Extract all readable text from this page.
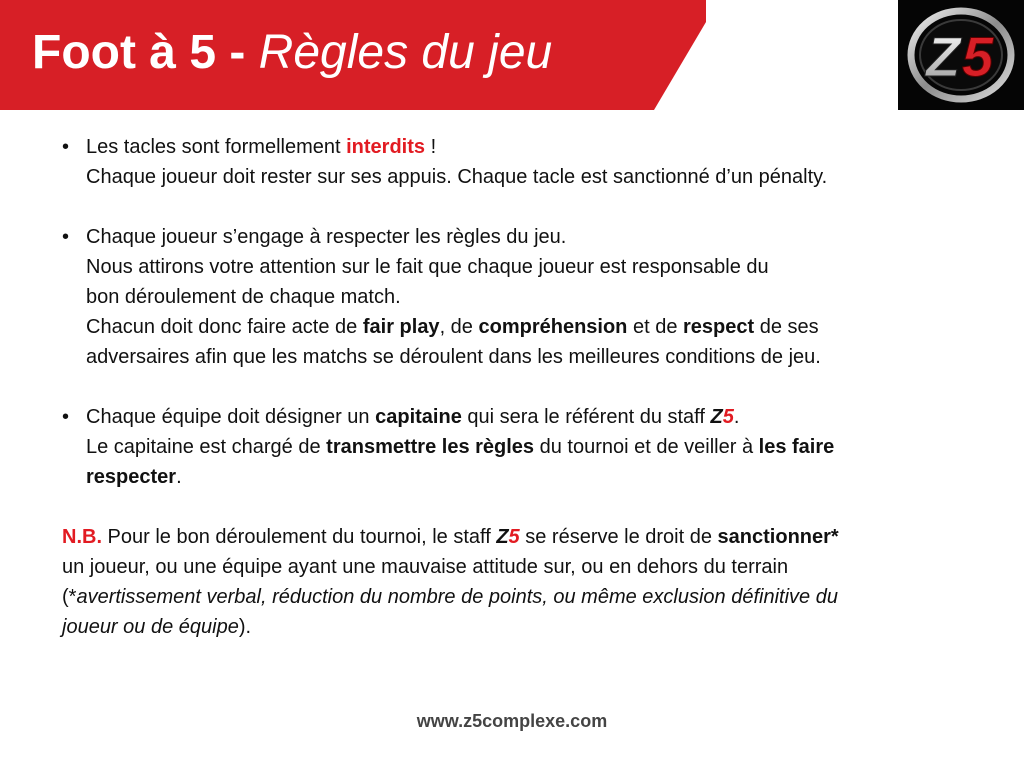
Foot à 5 - Règles du jeu	Z 5
• Les tacles sont formellement interdits !
Chaque joueur doit rester sur ses appuis. Chaque tacle est sanctionné d’un pénalty.
• Chaque joueur s’engage à respecter les règles du jeu.
Nous attirons votre attention sur le fait que chaque joueur est responsable du
bon déroulement de chaque match.
Chacun doit donc faire acte de fair play, de compréhension et de respect de ses
adversaires afin que les matchs se déroulent dans les meilleures conditions de jeu.
• Chaque équipe doit désigner un capitaine qui sera le référent du staff Z5.
Le capitaine est chargé de transmettre les règles du tournoi et de veiller à les faire
respecter.
N.B. Pour le bon déroulement du tournoi, le staff Z5 se réserve le droit de sanctionner*
un joueur, ou une équipe ayant une mauvaise attitude sur, ou en dehors du terrain
(*avertissement verbal, réduction du nombre de points, ou même exclusion définitive du
joueur ou de équipe).
www.z5complexe.com
